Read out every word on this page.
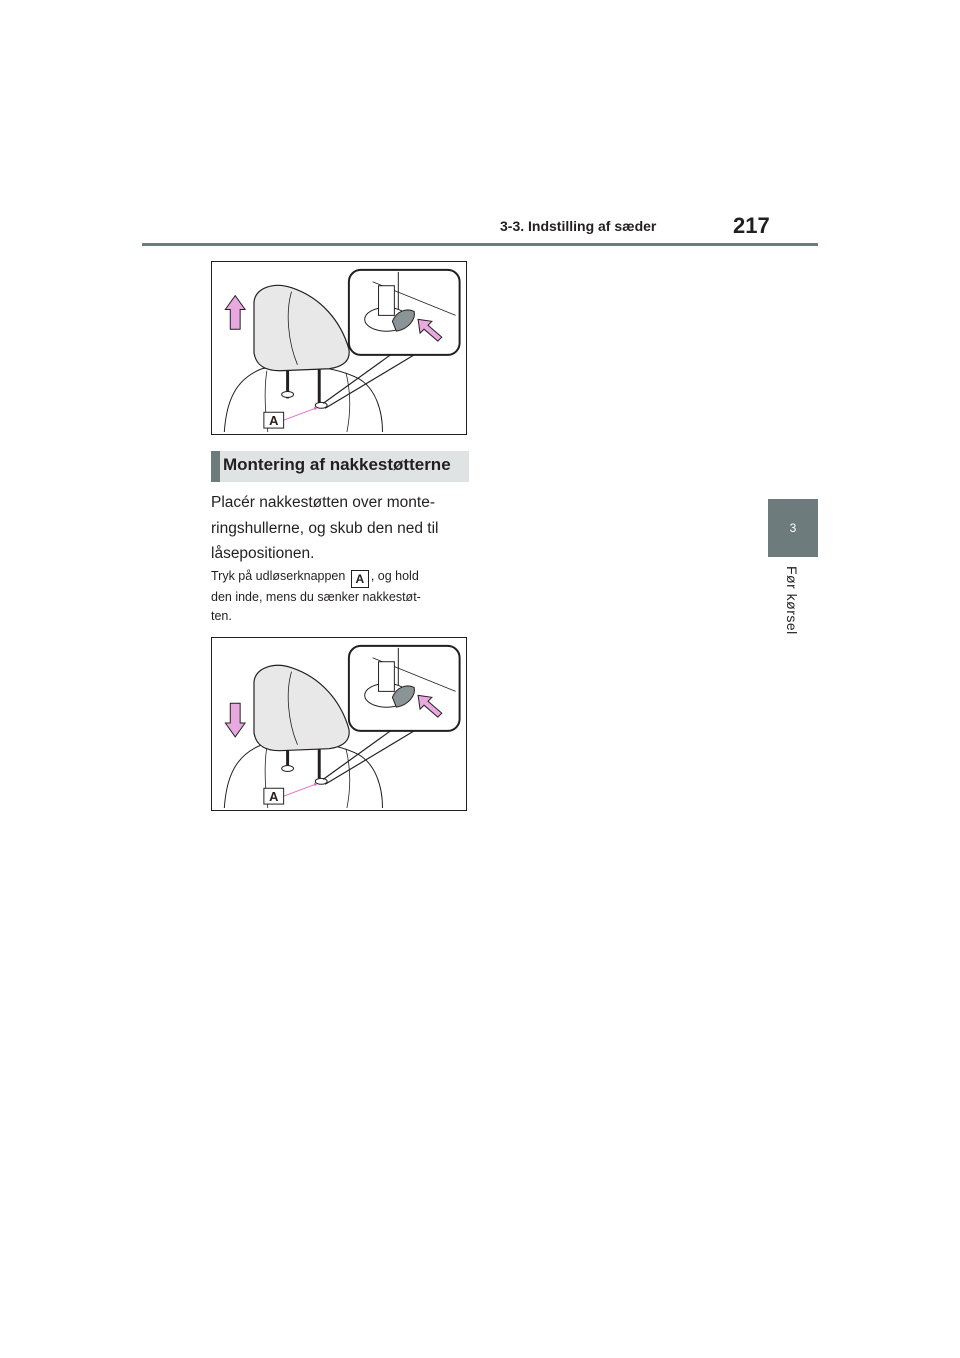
3-3. Indstilling af sæder	217
3
Før kørsel
A
Montering af nakkestøtterne
Placér nakkestøtten over monte-
ringshullerne, og skub den ned til
låsepositionen.
Tryk på udløserknappen A , og hold
den inde, mens du sænker nakkestøt-
ten.
A
